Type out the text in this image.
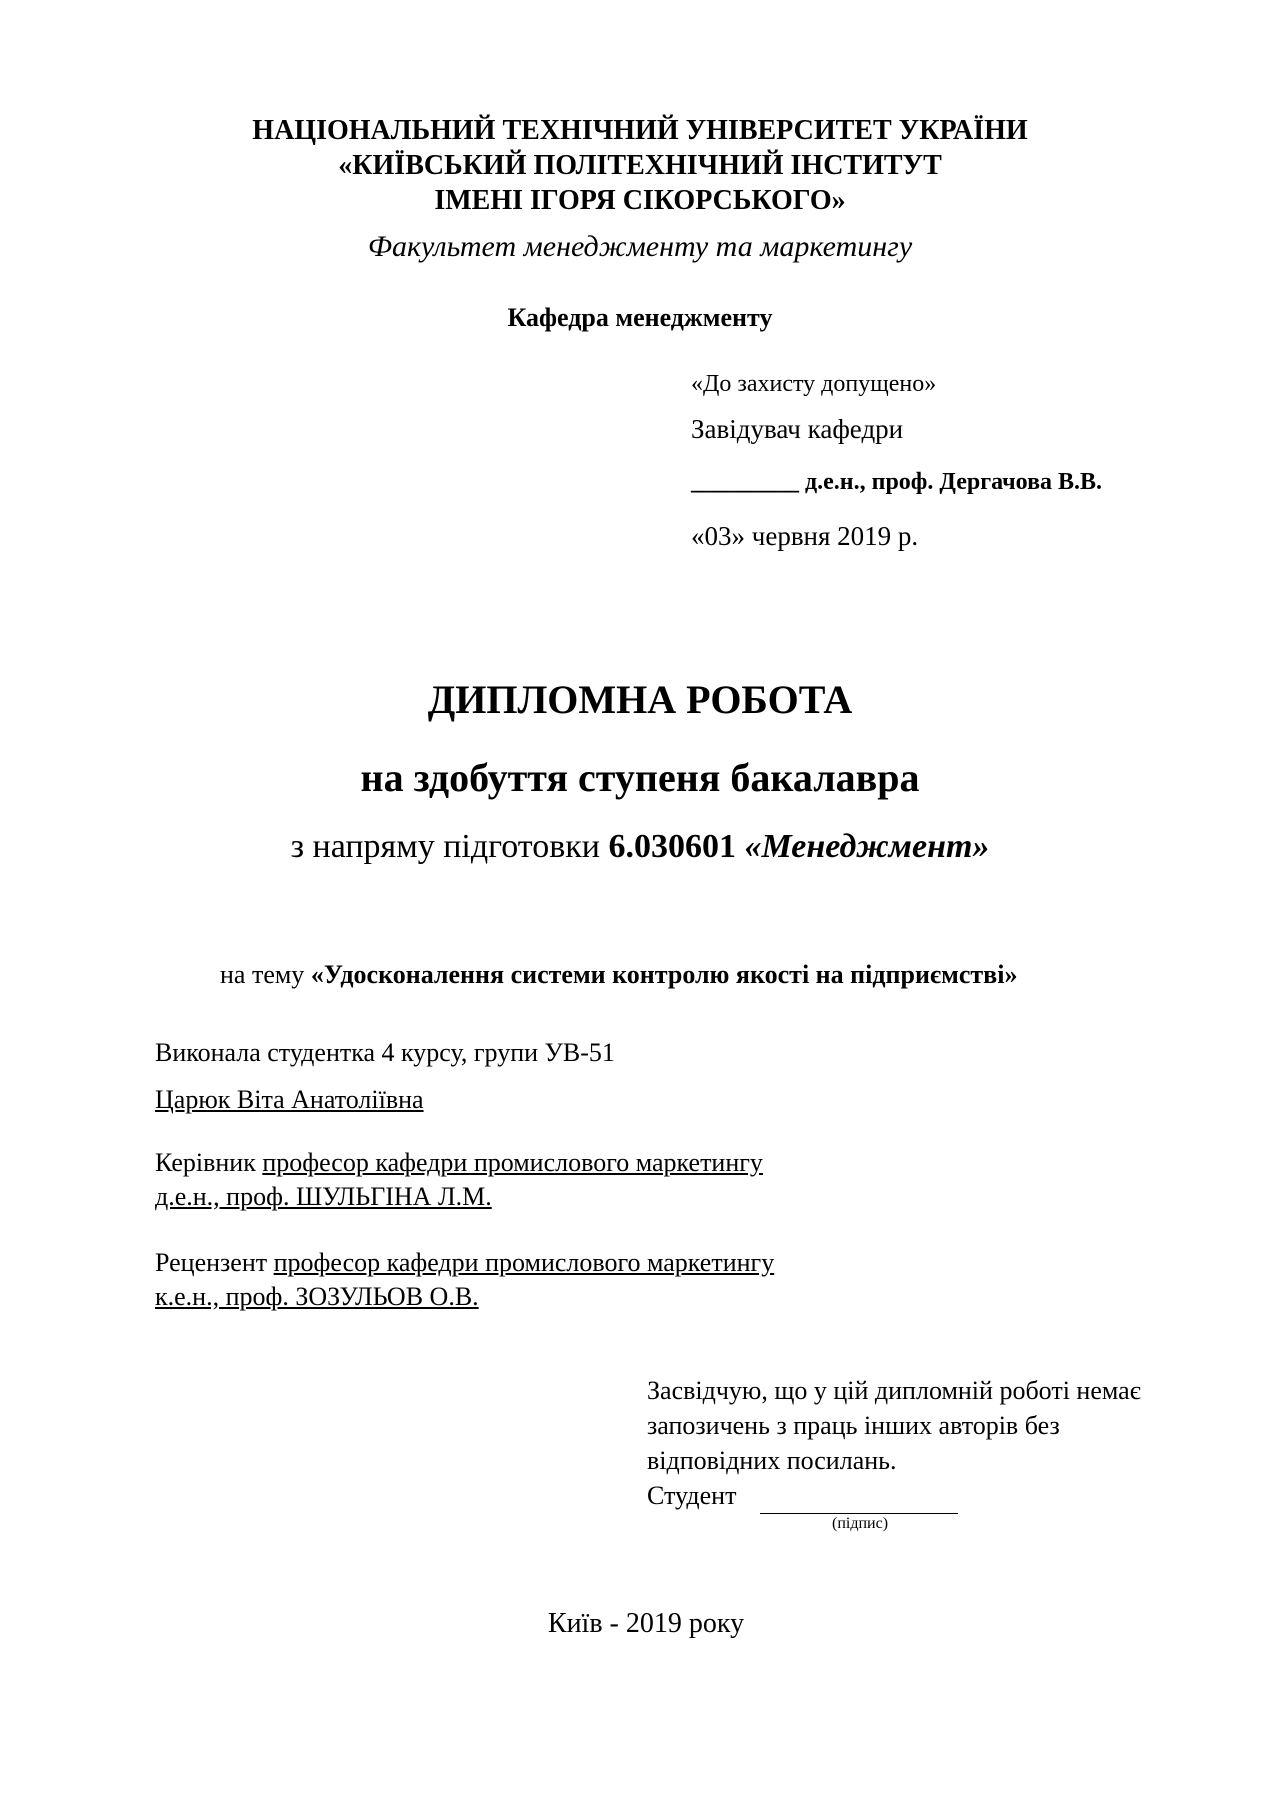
НАЦІОНАЛЬНИЙ ТЕХНІЧНИЙ УНІВЕРСИТЕТ УКРАЇНИ
«КИЇВСЬКИЙ ПОЛІТЕХНІЧНИЙ ІНСТИТУТ
ІМЕНІ ІГОРЯ СІКОРСЬКОГО»
Факультет менеджменту та маркетингу
Кафедра менеджменту
«До захисту допущено»
Завідувач кафедри
_________ д.е.н., проф. Дергачова В.В.
«03» червня 2019 р.
ДИПЛОМНА РОБОТА
на здобуття ступеня бакалавра
з напряму підготовки 6.030601 «Менеджмент»
на тему «Удосконалення системи контролю якості на підприємстві»
Виконала студентка 4 курсу, групи УВ-51
Царюк Віта Анатоліївна
Керівник професор кафедри промислового маркетингу
д.е.н., проф. ШУЛЬГІНА Л.М.
Рецензент професор кафедри промислового маркетингу
к.е.н., проф. ЗОЗУЛЬОВ О.В.
Засвідчую, що у цій дипломній роботі немає
запозичень з праць інших авторів без
відповідних посилань.
Студент
(підпис)
Київ - 2019 року
